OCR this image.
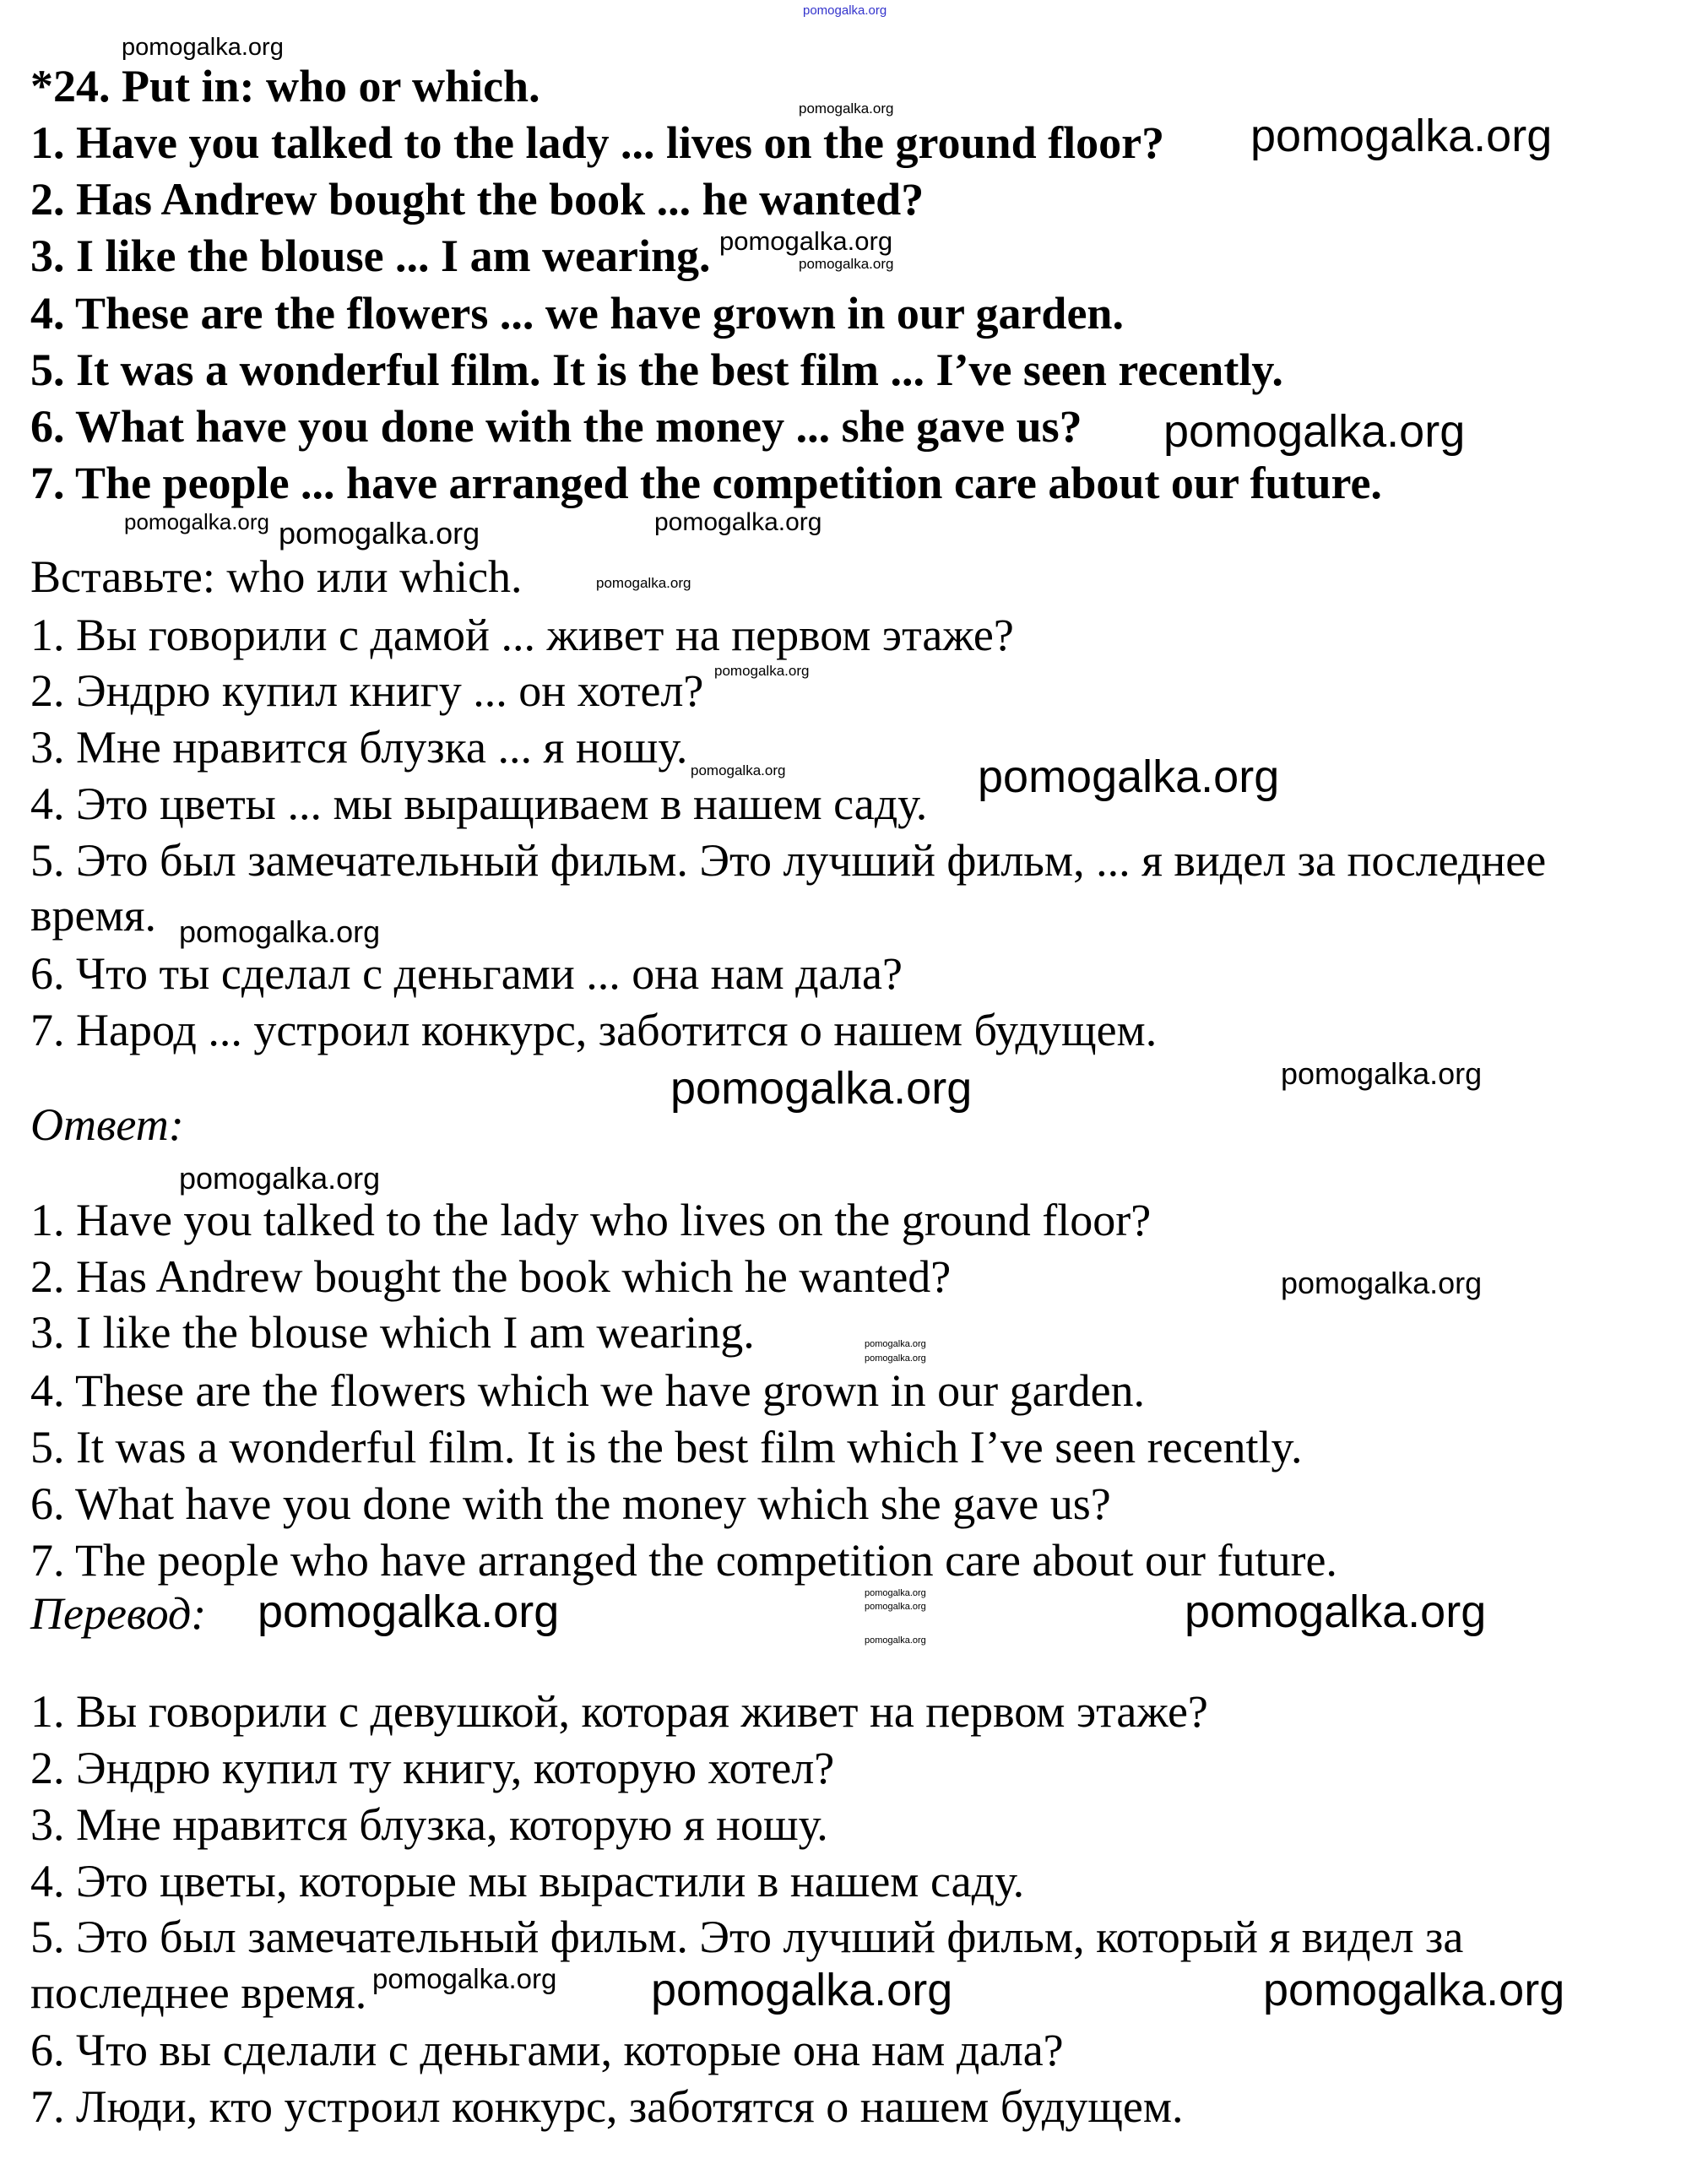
*24. Put in: who or which.
1. Have you talked to the lady ... lives on the ground floor?
2. Has Andrew bought the book ... he wanted?
3. I like the blouse ... I am wearing.
4. These are the flowers ... we have grown in our garden.
5. It was a wonderful film. It is the best film ... I’ve seen recently.
6. What have you done with the money ... she gave us?
7. The people ... have arranged the competition care about our future.
Вставьте: who или which.
1. Вы говорили с дамой ... живет на первом этаже?
2. Эндрю купил книгу ... он хотел?
3. Мне нравится блузка ... я ношу.
4. Это цветы ... мы выращиваем в нашем саду.
5. Это был замечательный фильм. Это лучший фильм, ... я видел за последнее
время.
6. Что ты сделал с деньгами ... она нам дала?
7. Народ ... устроил конкурс, заботится о нашем будущем.
Ответ:
1. Have you talked to the lady who lives on the ground floor?
2. Has Andrew bought the book which he wanted?
3. I like the blouse which I am wearing.
4. These are the flowers which we have grown in our garden.
5. It was a wonderful film. It is the best film which I’ve seen recently.
6. What have you done with the money which she gave us?
7. The people who have arranged the competition care about our future.
Перевод:
1. Вы говорили с девушкой, которая живет на первом этаже?
2. Эндрю купил ту книгу, которую хотел?
3. Мне нравится блузка, которую я ношу.
4. Это цветы, которые мы вырастили в нашем саду.
5. Это был замечательный фильм. Это лучший фильм, который я видел за
последнее время.
6. Что вы сделали с деньгами, которые она нам дала?
7. Люди, кто устроил конкурс, заботятся о нашем будущем.
pomogalka.org
pomogalka.org
pomogalka.org
pomogalka.org
pomogalka.org
pomogalka.org
pomogalka.org	pomogalka.org
pomogalka.org
pomogalka.org
pomogalka.org
pomogalka.org
pomogalka.org	pomogalka.org
pomogalka.org
pomogalka.org	pomogalka.org
pomogalka.org
pomogalka.org
pomogalka.org
pomogalka.org
pomogalka.org
pomogalka.org
pomogalka.org
pomogalka.org	pomogalka.org
pomogalka.org pomogalka.org	pomogalka.org
